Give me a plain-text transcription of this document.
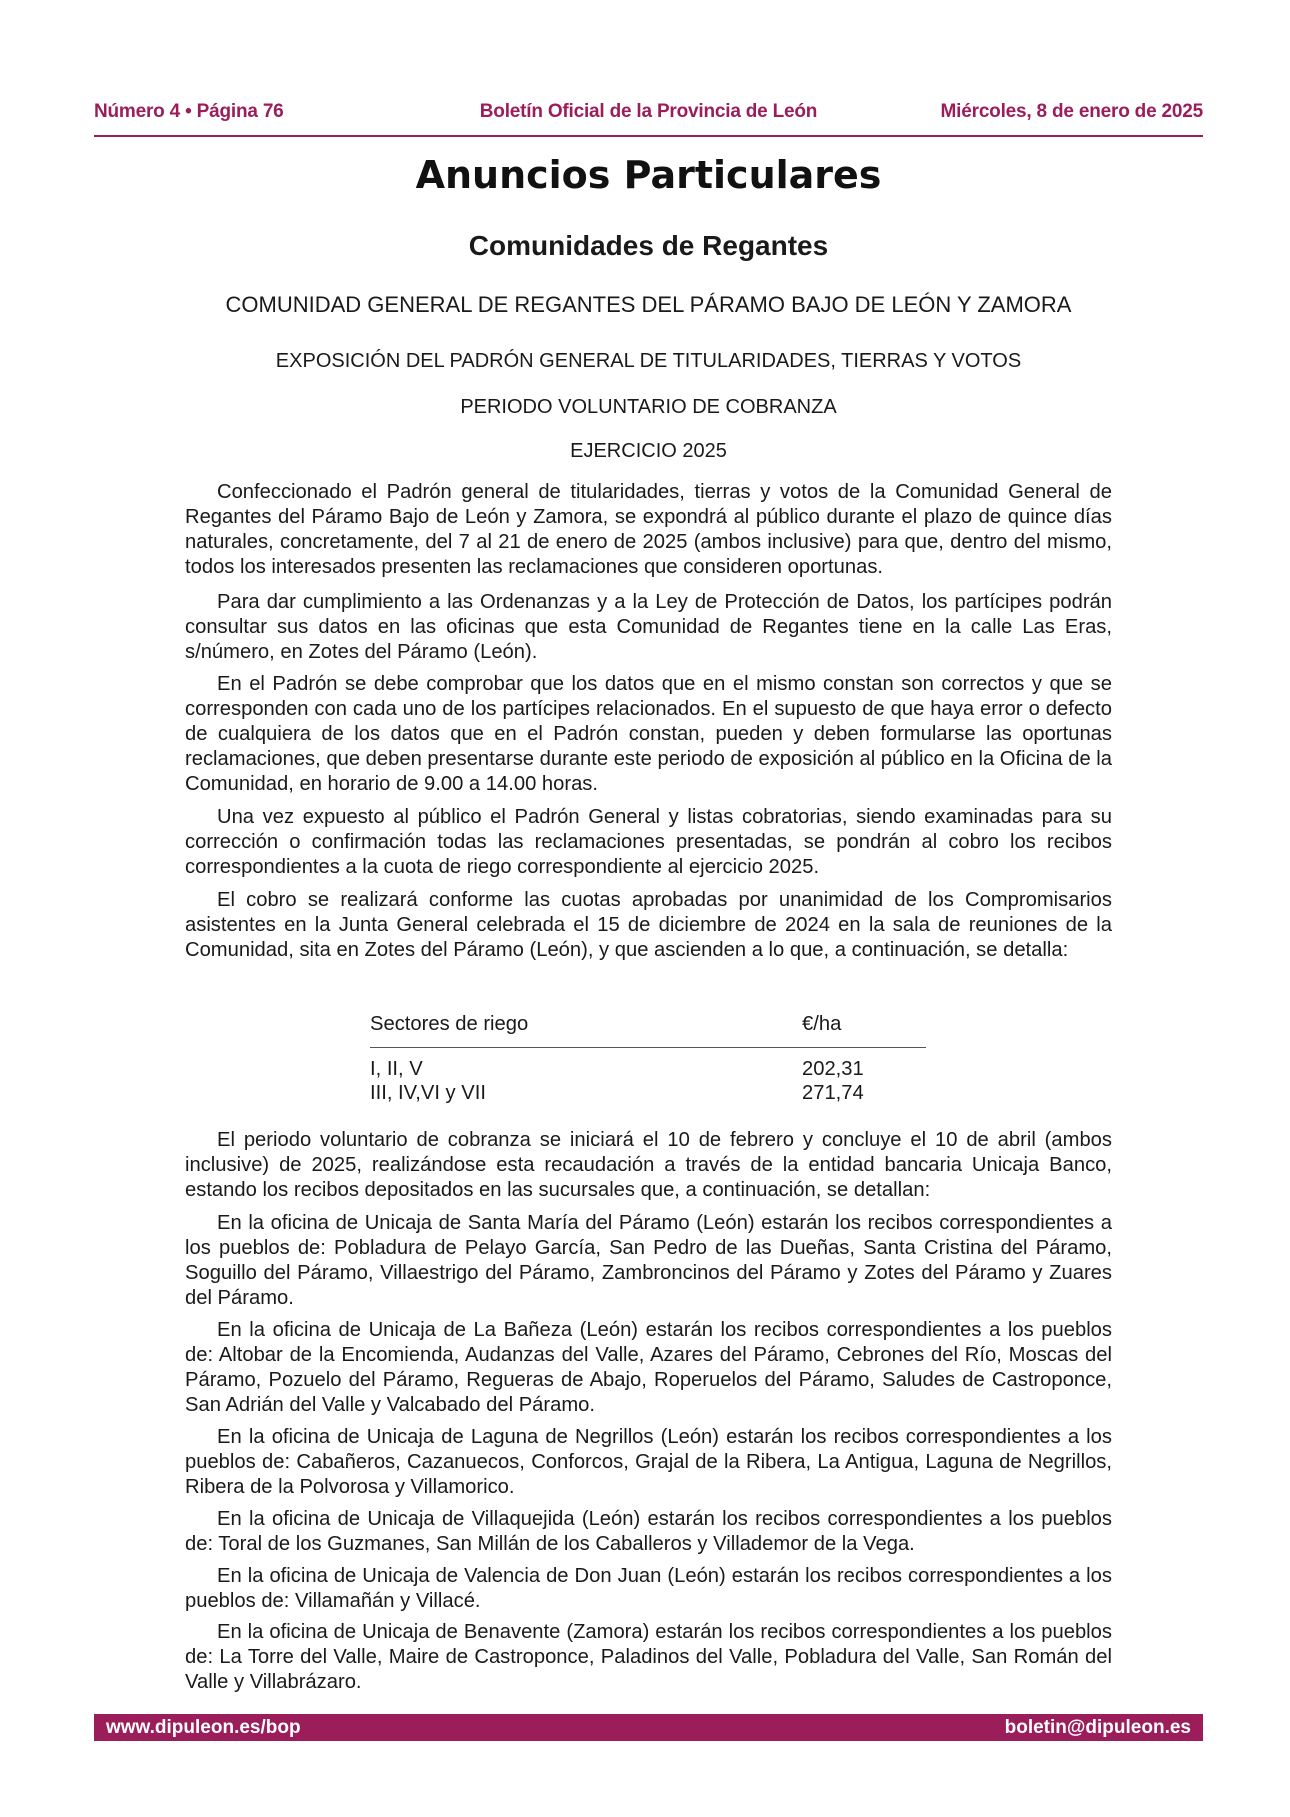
Número 4 • Página 76	Boletín Oficial de la Provincia de León	Miércoles, 8 de enero de 2025
Anuncios Particulares
Comunidades de Regantes

COMUNIDAD GENERAL DE REGANTES DEL PÁRAMO BAJO DE LEÓN Y ZAMORA

EXPOSICIÓN DEL PADRÓN GENERAL DE TITULARIDADES, TIERRAS Y VOTOS

PERIODO VOLUNTARIO DE COBRANZA

EJERCICIO 2025

Confeccionado el Padrón general de titularidades, tierras y votos de la Comunidad General de Regantes del Páramo Bajo de León y Zamora, se expondrá al público durante el plazo de quince días naturales, concretamente, del 7 al 21 de enero de 2025 (ambos inclusive) para que, dentro del mismo, todos los interesados presenten las reclamaciones que consideren oportunas.

Para dar cumplimiento a las Ordenanzas y a la Ley de Protección de Datos, los partícipes podrán consultar sus datos en las oficinas que esta Comunidad de Regantes tiene en la calle Las Eras, s/número, en Zotes del Páramo (León).

En el Padrón se debe comprobar que los datos que en el mismo constan son correctos y que se corresponden con cada uno de los partícipes relacionados. En el supuesto de que haya error o defecto de cualquiera de los datos que en el Padrón constan, pueden y deben formularse las oportunas reclamaciones, que deben presentarse durante este periodo de exposición al público en la Oficina de la Comunidad, en horario de 9.00 a 14.00 horas.

Una vez expuesto al público el Padrón General y listas cobratorias, siendo examinadas para su corrección o confirmación todas las reclamaciones presentadas, se pondrán al cobro los recibos correspondientes a la cuota de riego correspondiente al ejercicio 2025.

El cobro se realizará conforme las cuotas aprobadas por unanimidad de los Compromisarios asistentes en la Junta General celebrada el 15 de diciembre de 2024 en la sala de reuniones de la Comunidad, sita en Zotes del Páramo (León), y que ascienden a lo que, a continuación, se detalla:

Sectores de riego	€/ha
I, II, V	202,31
III, IV,VI y VII	271,74

El periodo voluntario de cobranza se iniciará el 10 de febrero y concluye el 10 de abril (ambos inclusive) de 2025, realizándose esta recaudación a través de la entidad bancaria Unicaja Banco, estando los recibos depositados en las sucursales que, a continuación, se detallan:

En la oficina de Unicaja de Santa María del Páramo (León) estarán los recibos correspondientes a los pueblos de: Pobladura de Pelayo García, San Pedro de las Dueñas, Santa Cristina del Páramo, Soguillo del Páramo, Villaestrigo del Páramo, Zambroncinos del Páramo y Zotes del Páramo y Zuares del Páramo.

En la oficina de Unicaja de La Bañeza (León) estarán los recibos correspondientes a los pueblos de: Altobar de la Encomienda, Audanzas del Valle, Azares del Páramo, Cebrones del Río, Moscas del Páramo, Pozuelo del Páramo, Regueras de Abajo, Roperuelos del Páramo, Saludes de Castroponce, San Adrián del Valle y Valcabado del Páramo.

En la oficina de Unicaja de Laguna de Negrillos (León) estarán los recibos correspondientes a los pueblos de: Cabañeros, Cazanuecos, Conforcos, Grajal de la Ribera, La Antigua, Laguna de Negrillos, Ribera de la Polvorosa y Villamorico.

En la oficina de Unicaja de Villaquejida (León) estarán los recibos correspondientes a los pueblos de: Toral de los Guzmanes, San Millán de los Caballeros y Villademor de la Vega.

En la oficina de Unicaja de Valencia de Don Juan (León) estarán los recibos correspondientes a los pueblos de: Villamañán y Villacé.

En la oficina de Unicaja de Benavente (Zamora) estarán los recibos correspondientes a los pueblos de: La Torre del Valle, Maire de Castroponce, Paladinos del Valle, Pobladura del Valle, San Román del Valle y Villabrázaro.

www.dipuleon.es/bop	boletin@dipuleon.es
